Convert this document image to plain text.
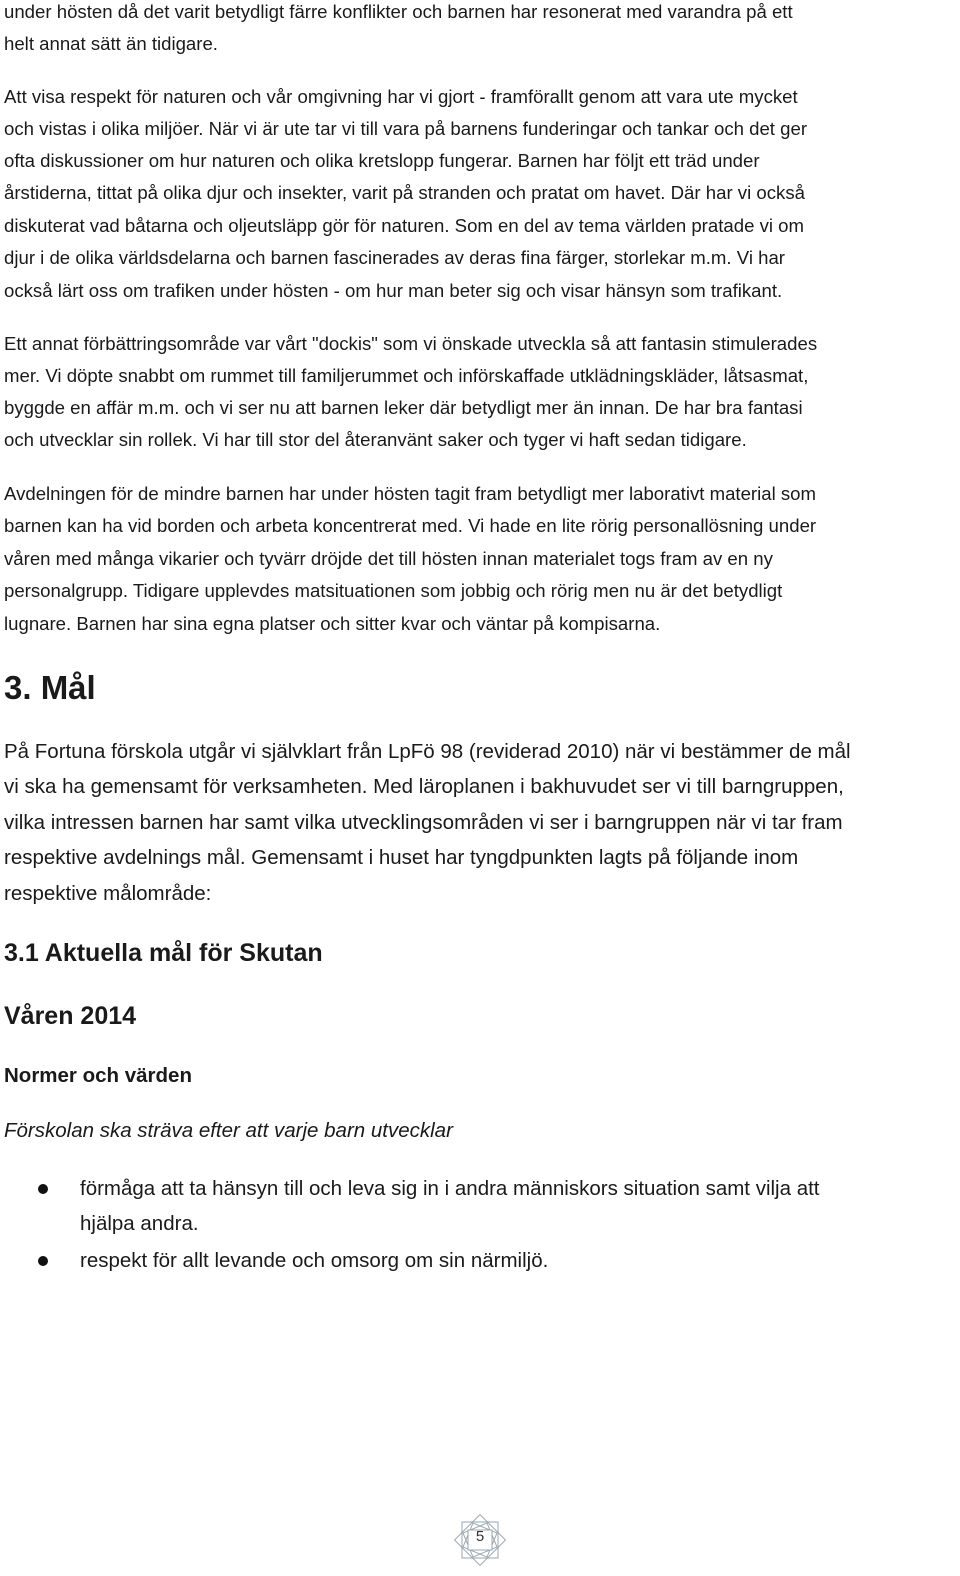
under hösten då det varit betydligt färre konflikter och barnen har resonerat med varandra på ett
helt annat sätt än tidigare.
Att visa respekt för naturen och vår omgivning har vi gjort - framförallt genom att vara ute mycket
och vistas i olika miljöer. När vi är ute tar vi till vara på barnens funderingar och tankar och det ger
ofta diskussioner om hur naturen och olika kretslopp fungerar. Barnen har följt ett träd under
årstiderna, tittat på olika djur och insekter, varit på stranden och pratat om havet. Där har vi också
diskuterat vad båtarna och oljeutsläpp gör för naturen. Som en del av tema världen pratade vi om
djur i de olika världsdelarna och barnen fascinerades av deras fina färger, storlekar m.m. Vi har
också lärt oss om trafiken under hösten - om hur man beter sig och visar hänsyn som trafikant.
Ett annat förbättringsområde var vårt "dockis" som vi önskade utveckla så att fantasin stimulerades
mer. Vi döpte snabbt om rummet till familjerummet och införskaffade utklädningskläder, låtsasmat,
byggde en affär m.m. och vi ser nu att barnen leker där betydligt mer än innan. De har bra fantasi
och utvecklar sin rollek. Vi har till stor del återanvänt saker och tyger vi haft sedan tidigare.
Avdelningen för de mindre barnen har under hösten tagit fram betydligt mer laborativt material som
barnen kan ha vid borden och arbeta koncentrerat med. Vi hade en lite rörig personallösning under
våren med många vikarier och tyvärr dröjde det till hösten innan materialet togs fram av en ny
personalgrupp. Tidigare upplevdes matsituationen som jobbig och rörig men nu är det betydligt
lugnare. Barnen har sina egna platser och sitter kvar och väntar på kompisarna.
3. Mål
På Fortuna förskola utgår vi självklart från LpFö 98 (reviderad 2010) när vi bestämmer de mål
vi ska ha gemensamt för verksamheten. Med läroplanen i bakhuvudet ser vi till barngruppen,
vilka intressen barnen har samt vilka utvecklingsområden vi ser i barngruppen när vi tar fram
respektive avdelnings mål. Gemensamt i huset har tyngdpunkten lagts på följande inom
respektive målområde:
3.1 Aktuella mål för Skutan
Våren 2014
Normer och värden

Förskolan ska sträva efter att varje barn utvecklar

förmåga att ta hänsyn till och leva sig in i andra människors situation samt vilja att
hjälpa andra.
respekt för allt levande och omsorg om sin närmiljö.
5
